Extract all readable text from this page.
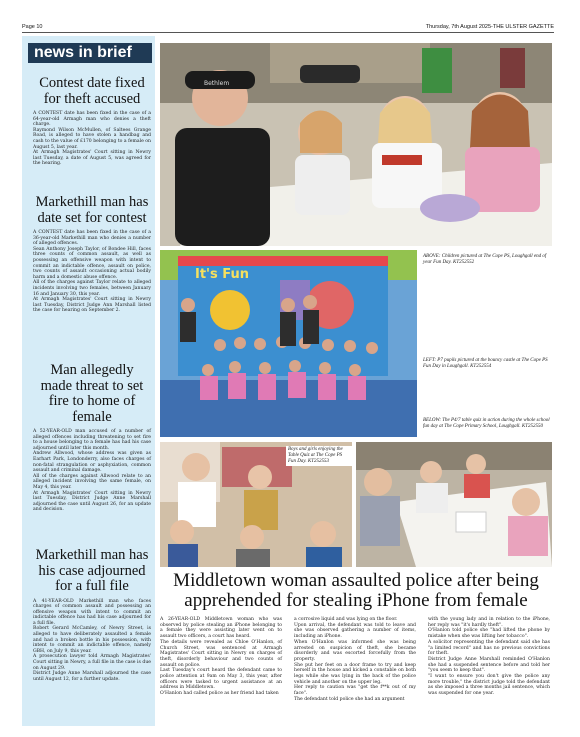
Page 10	Thursday, 7th August 2025-THE ULSTER GAZETTE
news in brief
Contest date fixed for theft accused
A CONTEST date has been fixed in the case of a 64-year-old Armagh man who denies a theft charge.
Raymond Wilson McMullen, of Saltees Grange Road, is alleged to have stolen a handbag and cash to the value of £170 belonging to a female on August 5, last year.
At Armagh Magistrates' Court sitting in Newry last Tuesday, a date of August 5, was agreed for the hearing.
Markethill man has date set for contest
A CONTEST date has been fixed in the case of a 36-year-old Markethill man who denies a number of alleged offences.
Sean Anthony Joseph Taylor, of Bondee Hill, faces three counts of common assault, as well as possessing an offensive weapon with intent to commit an indictable offence, assault on police, two counts of assault occasioning actual bodily harm and a domestic abuse offence.
All of the charges against Taylor relate to alleged incidents involving two females, between January 16 and January 30, this year.
At Armagh Magistrates' Court sitting in Newry last Tuesday, District Judge Ann Marshall listed the case for hearing on September 2.
Man allegedly made threat to set fire to home of female
A 52-YEAR-OLD man accused of a number of alleged offences including threatening to set fire to a house belonging to a female has had his case adjourned until later this month.
Andrew Allwood, whose address was given as Earhart Park, Londonderry, also faces charges of non-fatal strangulation or asphyxiation, common assault and criminal damage.
All of the charges against Allwood relate to an alleged incident involving the same female, on May 4, this year.
At Armagh Magistrates' Court sitting in Newry last Tuesday, District Judge Anne Marshall adjourned the case until August 26, for an update and decision.
Markethill man has his case adjourned for a full file
A 41-YEAR-OLD Markethill man who faces charges of common assault and possessing an offensive weapon with intent to commit an indictable offence has had his case adjourned for a full file.
Robert Gerard McCamley, of Newry Street, is alleged to have deliberately assaulted a female and had a broken bottle in his possession, with intent to commit an indictable offence, namely GBH, on July 9, this year.
A prosecution lawyer told Armagh Magistrates' Court sitting in Newry, a full file in the case is due on August 29.
District Judge Anne Marshall adjourned the case until August 12, for a further update.
Bethlem
It's Fun
ABOVE: Children pictured at The Cope PS, Loughgall end of year Fun Day. KT252552
LEFT: P7 pupils pictured at the bouncy castle at The Cope PS Fun Day in Loughgall. KT252554
BELOW: The P4/7 table quiz in action during the whole school fun day at The Cope Primary School, Loughgall. KT252550
Boys and girls enjoying the Table Quiz at The Cope PS Fun Day. KT252553
Middletown woman assaulted police after being apprehended for stealing iPhone from female
A 26-YEAR-OLD Middletown woman who was observed by police stealing an iPhone belonging to a female they were assisting later went on to assault two officers, a court has heard.
The details were revealed as Chloe O'Hanlon, of Church Street, was sentenced at Armagh Magistrates' Court sitting in Newry on charges of theft, disorderly behaviour and two counts of assault on police.
Last Tuesday's court heard the defendant came to police attention at 9am on May 3, this year, after officers were tasked to urgent assistance at an address in Middletown.
O'Hanlon had called police as her friend had taken
a corrosive liquid and was lying on the floor.
Upon arrival, the defendant was told to leave and she was observed gathering a number of items, including an iPhone.
When O'Hanlon was informed she was being arrested on suspicion of theft, she became disorderly and was escorted forcefully from the property.
She put her feet on a door frame to try and keep herself in the house and kicked a constable on both legs while she was lying in the back of the police vehicle and another on the upper leg.
Her reply to caution was "get the f**k out of my face".
The defendant told police she had an argument
with the young lady and in relation to the iPhone, her reply was "it's hardly theft".
O'Hanlon told police she "had lifted the phone by mistake when she was lifting her tobacco".
A solicitor representing the defendant said she has "a limited record" and has no previous convictions for theft.
District Judge Anne Marshall reminded O'Hanlon she had a suspended sentence before and told her "you seem to keep that".
"I want to ensure you don't give the police any more trouble," the district judge told the defendant as she imposed a three months jail sentence, which was suspended for one year.
